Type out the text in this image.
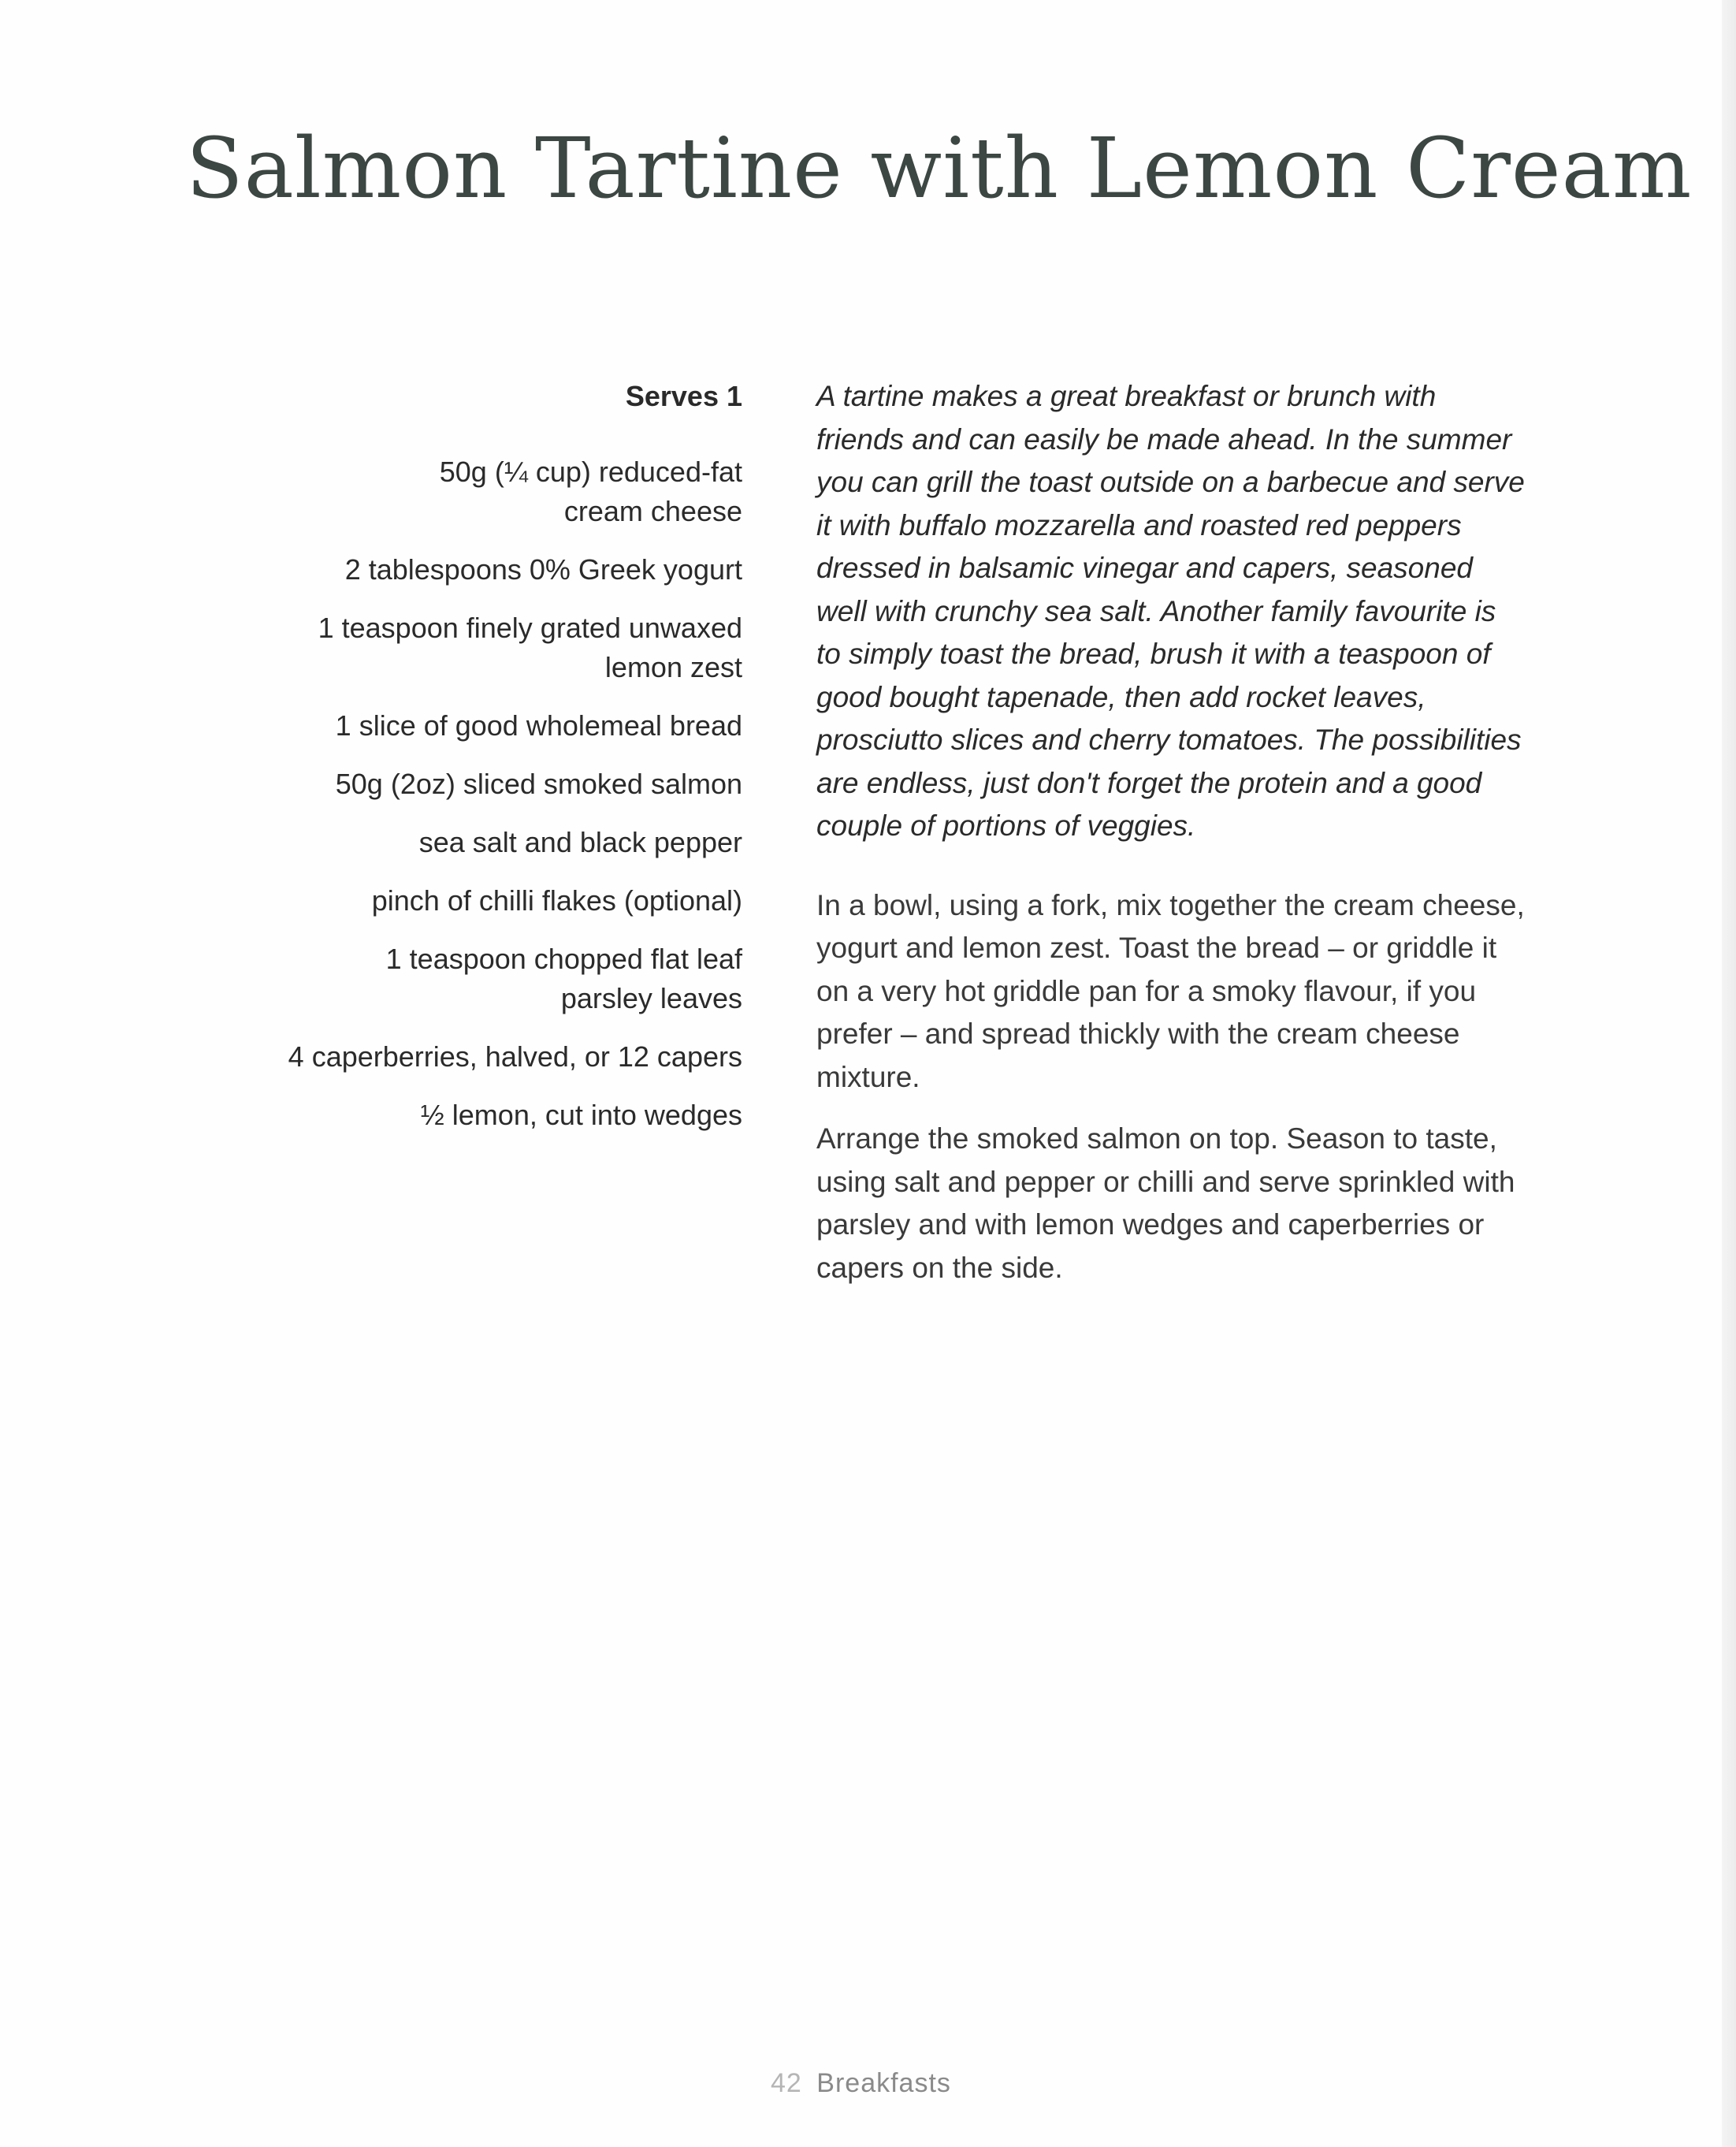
Salmon Tartine with Lemon Cream
Serves 1
50g (¼ cup) reduced-fat
cream cheese
2 tablespoons 0% Greek yogurt
1 teaspoon finely grated unwaxed
lemon zest
1 slice of good wholemeal bread
50g (2oz) sliced smoked salmon
sea salt and black pepper
pinch of chilli flakes (optional)
1 teaspoon chopped flat leaf
parsley leaves
4 caperberries, halved, or 12 capers
½ lemon, cut into wedges

A tartine makes a great breakfast or brunch with friends and can easily be made ahead. In the summer you can grill the toast outside on a barbecue and serve it with buffalo mozzarella and roasted red peppers dressed in balsamic vinegar and capers, seasoned well with crunchy sea salt. Another family favourite is to simply toast the bread, brush it with a teaspoon of good bought tapenade, then add rocket leaves, prosciutto slices and cherry tomatoes. The possibilities are endless, just don't forget the protein and a good couple of portions of veggies.

In a bowl, using a fork, mix together the cream cheese, yogurt and lemon zest. Toast the bread – or griddle it on a very hot griddle pan for a smoky flavour, if you prefer – and spread thickly with the cream cheese mixture.

Arrange the smoked salmon on top. Season to taste, using salt and pepper or chilli and serve sprinkled with parsley and with lemon wedges and caperberries or capers on the side.

42 Breakfasts
